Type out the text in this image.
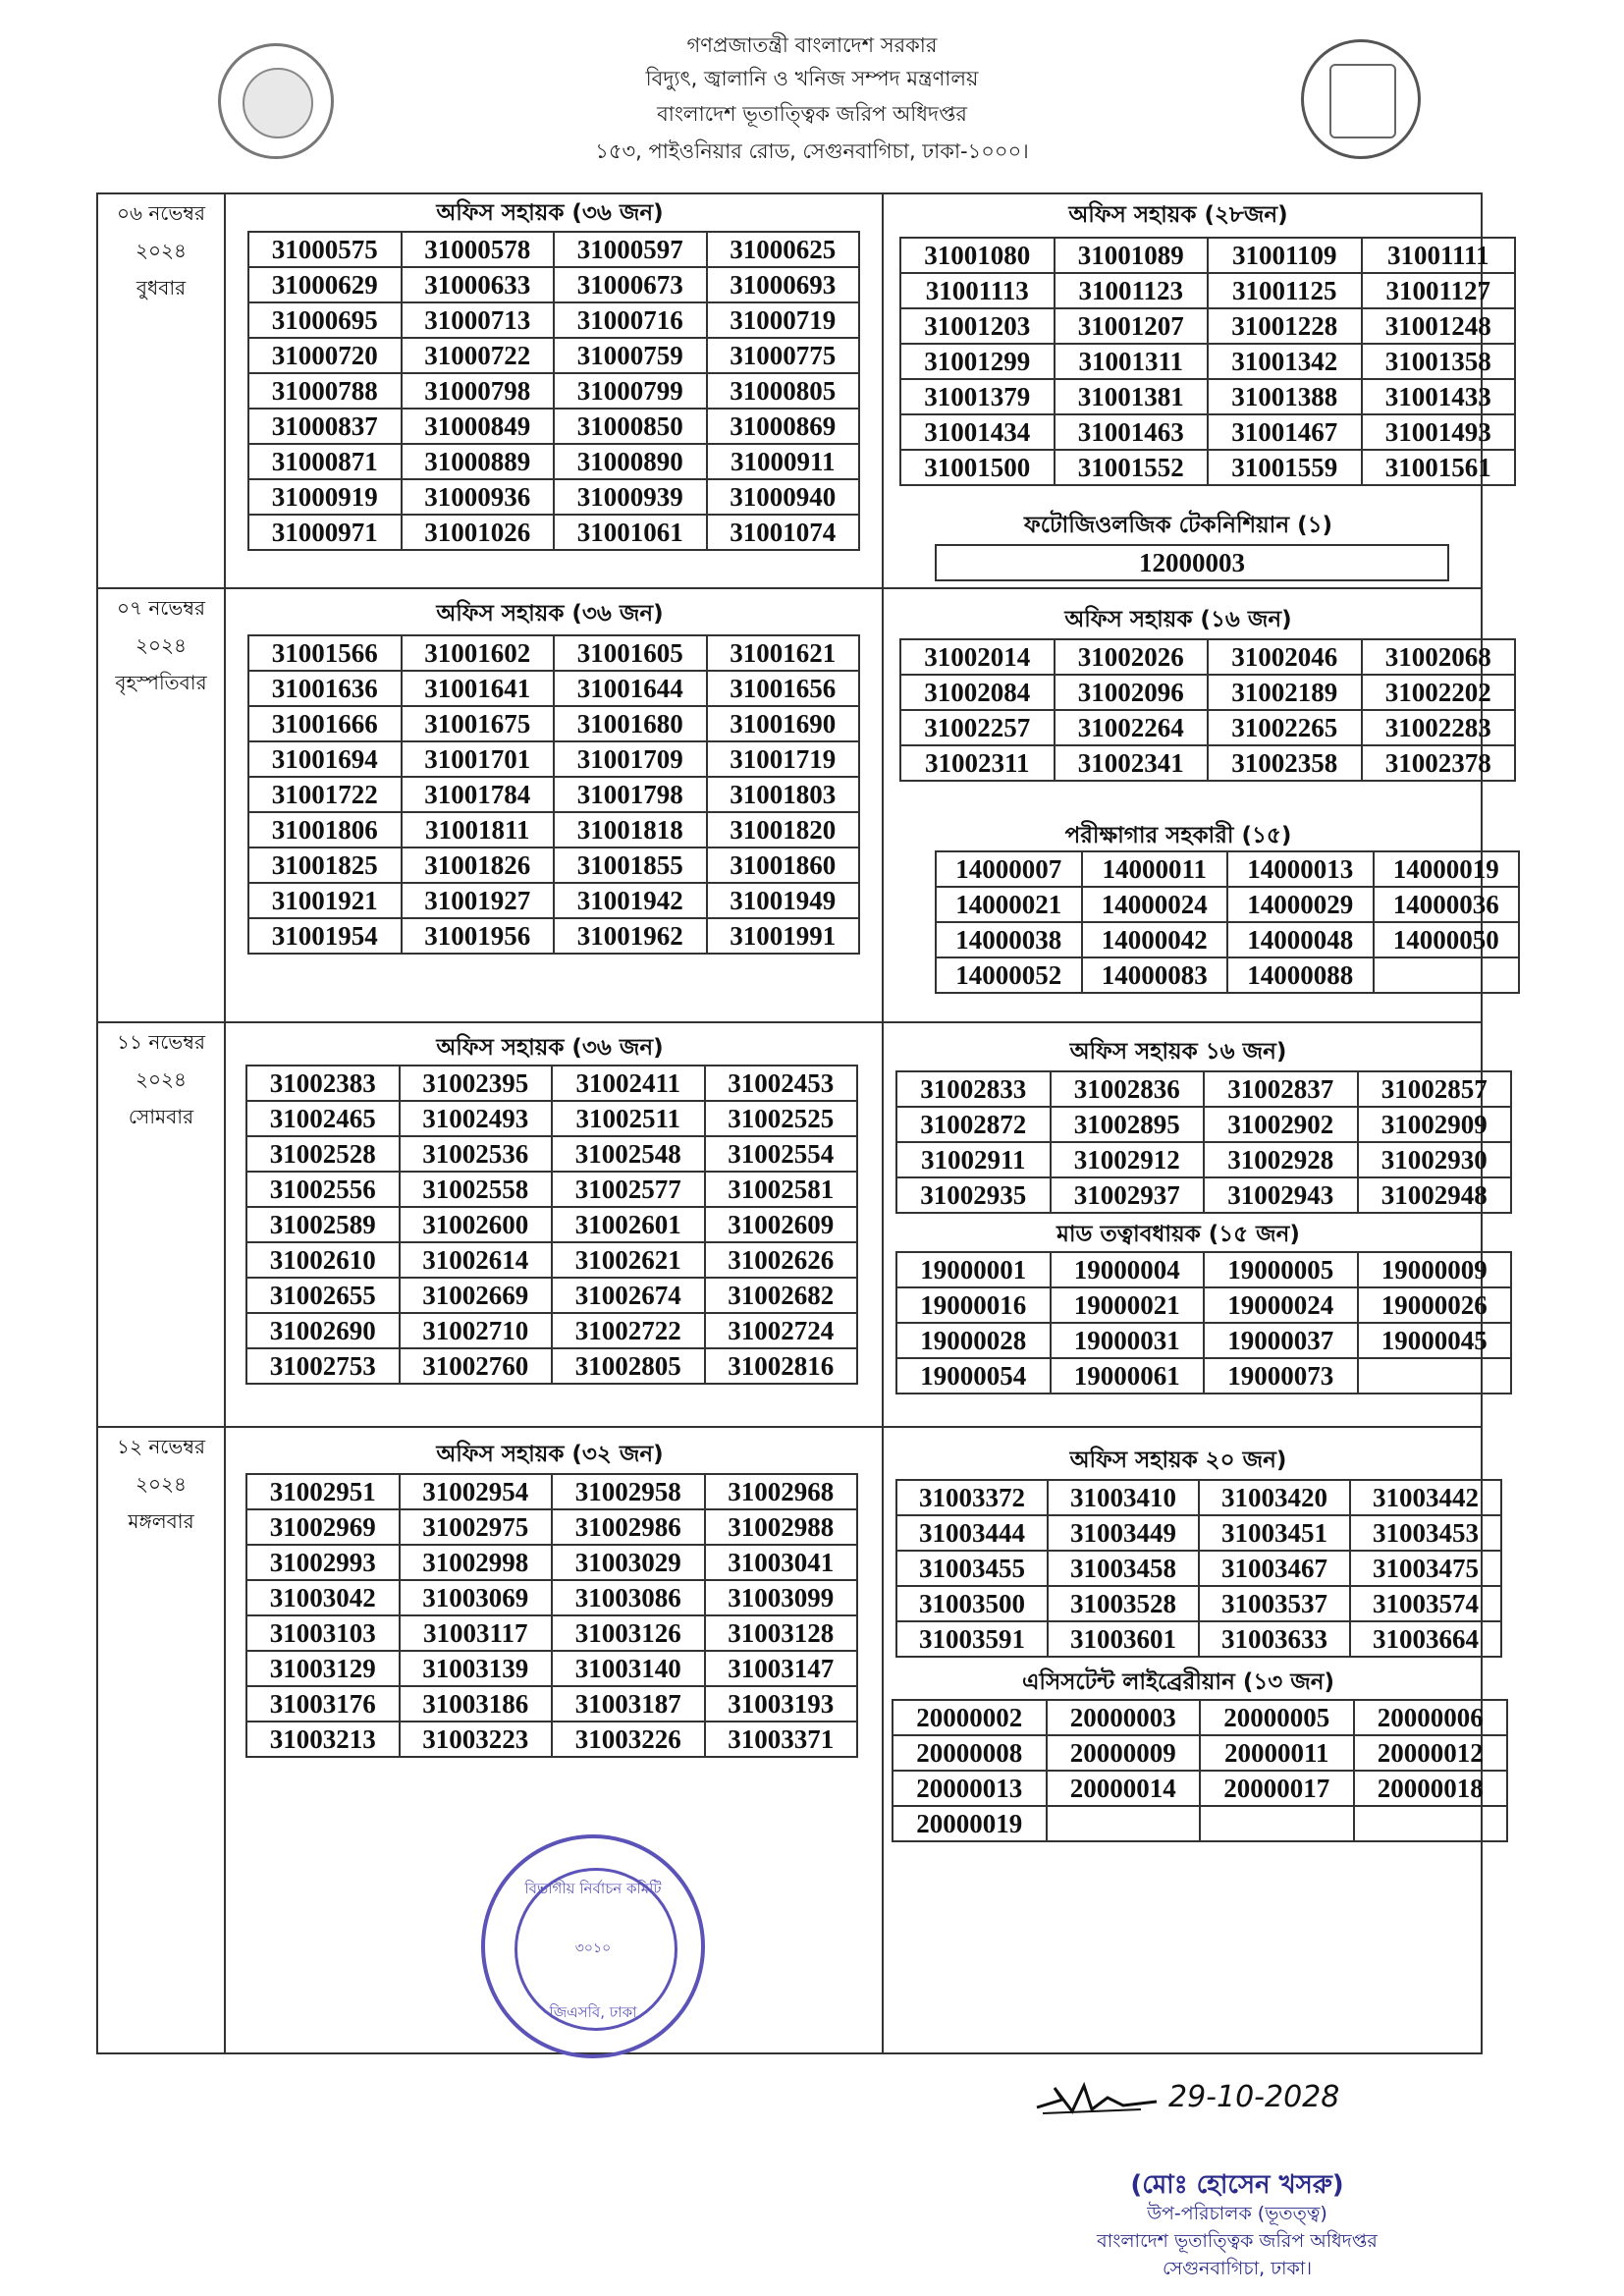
গণপ্রজাতন্ত্রী বাংলাদেশ সরকার
বিদ্যুৎ, জ্বালানি ও খনিজ সম্পদ মন্ত্রণালয়
বাংলাদেশ ভূতাত্ত্বিক জরিপ অধিদপ্তর
১৫৩, পাইওনিয়ার রোড, সেগুনবাগিচা, ঢাকা-১০০০।
০৬ নভেম্বর
২০২৪
বুধবার
০৭ নভেম্বর
২০২৪
বৃহস্পতিবার
১১ নভেম্বর
২০২৪
সোমবার
১২ নভেম্বর
২০২৪
মঙ্গলবার
অফিস সহায়ক (৩৬ জন)	অফিস সহায়ক (২৮জন)
ফটোজিওলজিক টেকনিশিয়ান (১)
অফিস সহায়ক (৩৬ জন)	অফিস সহায়ক (১৬ জন)
পরীক্ষাগার সহকারী (১৫)
অফিস সহায়ক (৩৬ জন)	অফিস সহায়ক ১৬ জন)
মাড তত্বাবধায়ক (১৫ জন)
অফিস সহায়ক (৩২ জন)	অফিস সহায়ক ২০ জন)
এসিসটেন্ট লাইব্রেরীয়ান (১৩ জন)
31000575	31000578	31000597	31000625
31000629	31000633	31000673	31000693
31000695	31000713	31000716	31000719
31000720	31000722	31000759	31000775
31000788	31000798	31000799	31000805
31000837	31000849	31000850	31000869
31000871	31000889	31000890	31000911
31000919	31000936	31000939	31000940
31000971	31001026	31001061	31001074
31001080	31001089	31001109	31001111
31001113	31001123	31001125	31001127
31001203	31001207	31001228	31001248
31001299	31001311	31001342	31001358
31001379	31001381	31001388	31001433
31001434	31001463	31001467	31001493
31001500	31001552	31001559	31001561
12000003
31001566	31001602	31001605	31001621
31001636	31001641	31001644	31001656
31001666	31001675	31001680	31001690
31001694	31001701	31001709	31001719
31001722	31001784	31001798	31001803
31001806	31001811	31001818	31001820
31001825	31001826	31001855	31001860
31001921	31001927	31001942	31001949
31001954	31001956	31001962	31001991
31002014	31002026	31002046	31002068
31002084	31002096	31002189	31002202
31002257	31002264	31002265	31002283
31002311	31002341	31002358	31002378
14000007	14000011	14000013	14000019
14000021	14000024	14000029	14000036
14000038	14000042	14000048	14000050
14000052	14000083	14000088	
31002383	31002395	31002411	31002453
31002465	31002493	31002511	31002525
31002528	31002536	31002548	31002554
31002556	31002558	31002577	31002581
31002589	31002600	31002601	31002609
31002610	31002614	31002621	31002626
31002655	31002669	31002674	31002682
31002690	31002710	31002722	31002724
31002753	31002760	31002805	31002816
31002833	31002836	31002837	31002857
31002872	31002895	31002902	31002909
31002911	31002912	31002928	31002930
31002935	31002937	31002943	31002948
19000001	19000004	19000005	19000009
19000016	19000021	19000024	19000026
19000028	19000031	19000037	19000045
19000054	19000061	19000073	
31002951	31002954	31002958	31002968
31002969	31002975	31002986	31002988
31002993	31002998	31003029	31003041
31003042	31003069	31003086	31003099
31003103	31003117	31003126	31003128
31003129	31003139	31003140	31003147
31003176	31003186	31003187	31003193
31003213	31003223	31003226	31003371
31003372	31003410	31003420	31003442
31003444	31003449	31003451	31003453
31003455	31003458	31003467	31003475
31003500	31003528	31003537	31003574
31003591	31003601	31003633	31003664
20000002	20000003	20000005	20000006
20000008	20000009	20000011	20000012
20000013	20000014	20000017	20000018
20000019			
বিভাগীয় নির্বাচন কমিটি
৩০১০
জিএসবি, ঢাকা
29-10-2028
(মোঃ হোসেন খসরু)
উপ-পরিচালক (ভূতত্ত্ব)
বাংলাদেশ ভূতাত্ত্বিক জরিপ অধিদপ্তর
সেগুনবাগিচা, ঢাকা।
